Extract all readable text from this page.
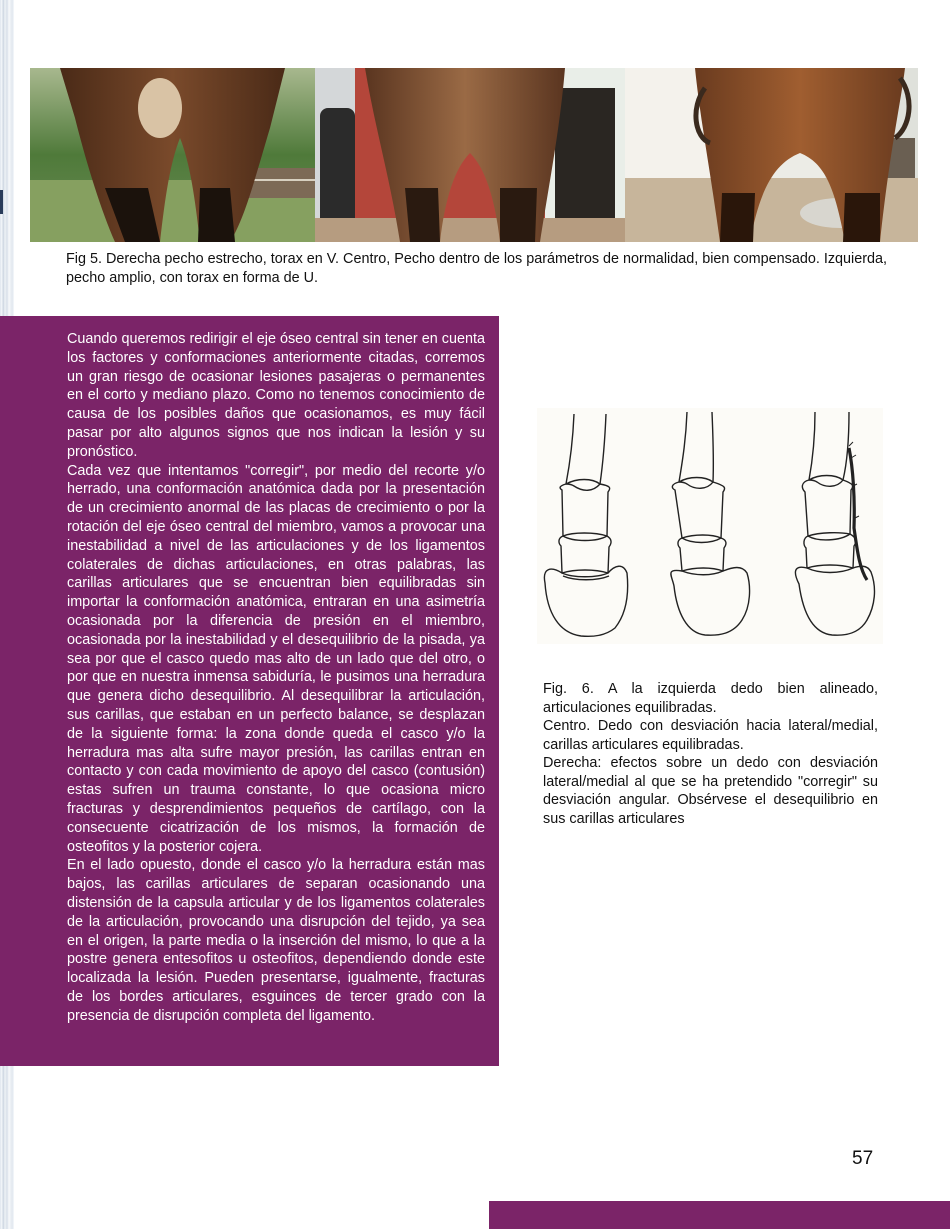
Fig 5. Derecha pecho estrecho, torax en V. Centro, Pecho dentro de los parámetros de normalidad, bien compensado. Izquierda, pecho amplio, con torax en forma de U.

Cuando queremos redirigir el eje óseo central sin tener en cuenta los factores y conformaciones anteriormente citadas, corremos un gran riesgo de ocasionar lesiones pasajeras o permanentes en el corto y mediano plazo. Como no tenemos conocimiento de causa de los posibles daños que ocasionamos, es muy fácil pasar por alto algunos signos que nos indican la lesión y su pronóstico.

Cada vez que intentamos "corregir", por medio del recorte y/o herrado, una conformación anatómica dada por la presentación de un crecimiento anormal de las placas de crecimiento o por la rotación del eje óseo central del miembro, vamos a provocar una inestabilidad a nivel de las articulaciones y de los ligamentos colaterales de dichas articulaciones, en otras palabras, las carillas articulares que se encuentran bien equilibradas sin importar la conformación anatómica, entraran en una asimetría ocasionada por la diferencia de presión en el miembro, ocasionada por la inestabilidad y el desequilibrio de la pisada, ya sea por que el casco quedo mas alto de un lado que del otro, o por que en nuestra inmensa sabiduría, le pusimos una herradura que genera dicho desequilibrio. Al desequilibrar la articulación, sus carillas, que estaban en un perfecto balance, se desplazan de la siguiente forma: la zona donde queda el casco y/o la herradura mas alta sufre mayor presión, las carillas entran en contacto y con cada movimiento de apoyo del casco (contusión) estas sufren un trauma constante, lo que ocasiona micro fracturas y desprendimientos pequeños de cartílago, con la consecuente cicatrización de los mismos, la formación de osteofitos y la posterior cojera.

En el lado opuesto, donde el casco y/o la herradura están mas bajos, las carillas articulares de separan ocasionando una distensión de la capsula articular y de los ligamentos colaterales de la articulación, provocando una disrupción del tejido, ya sea en el origen, la parte media o la inserción del mismo, lo que a la postre genera entesofitos u osteofitos, dependiendo donde este localizada la lesión. Pueden presentarse, igualmente, fracturas de los bordes articulares, esguinces de tercer grado con la presencia de disrupción completa del ligamento.

Fig. 6. A la izquierda dedo bien alineado, articulaciones equilibradas.

Centro. Dedo con desviación hacia lateral/medial, carillas articulares equilibradas.

Derecha: efectos sobre un dedo con desviación lateral/medial al que se ha pretendido "corregir" su desviación angular. Obsérvese el desequilibrio en sus carillas articulares

57
